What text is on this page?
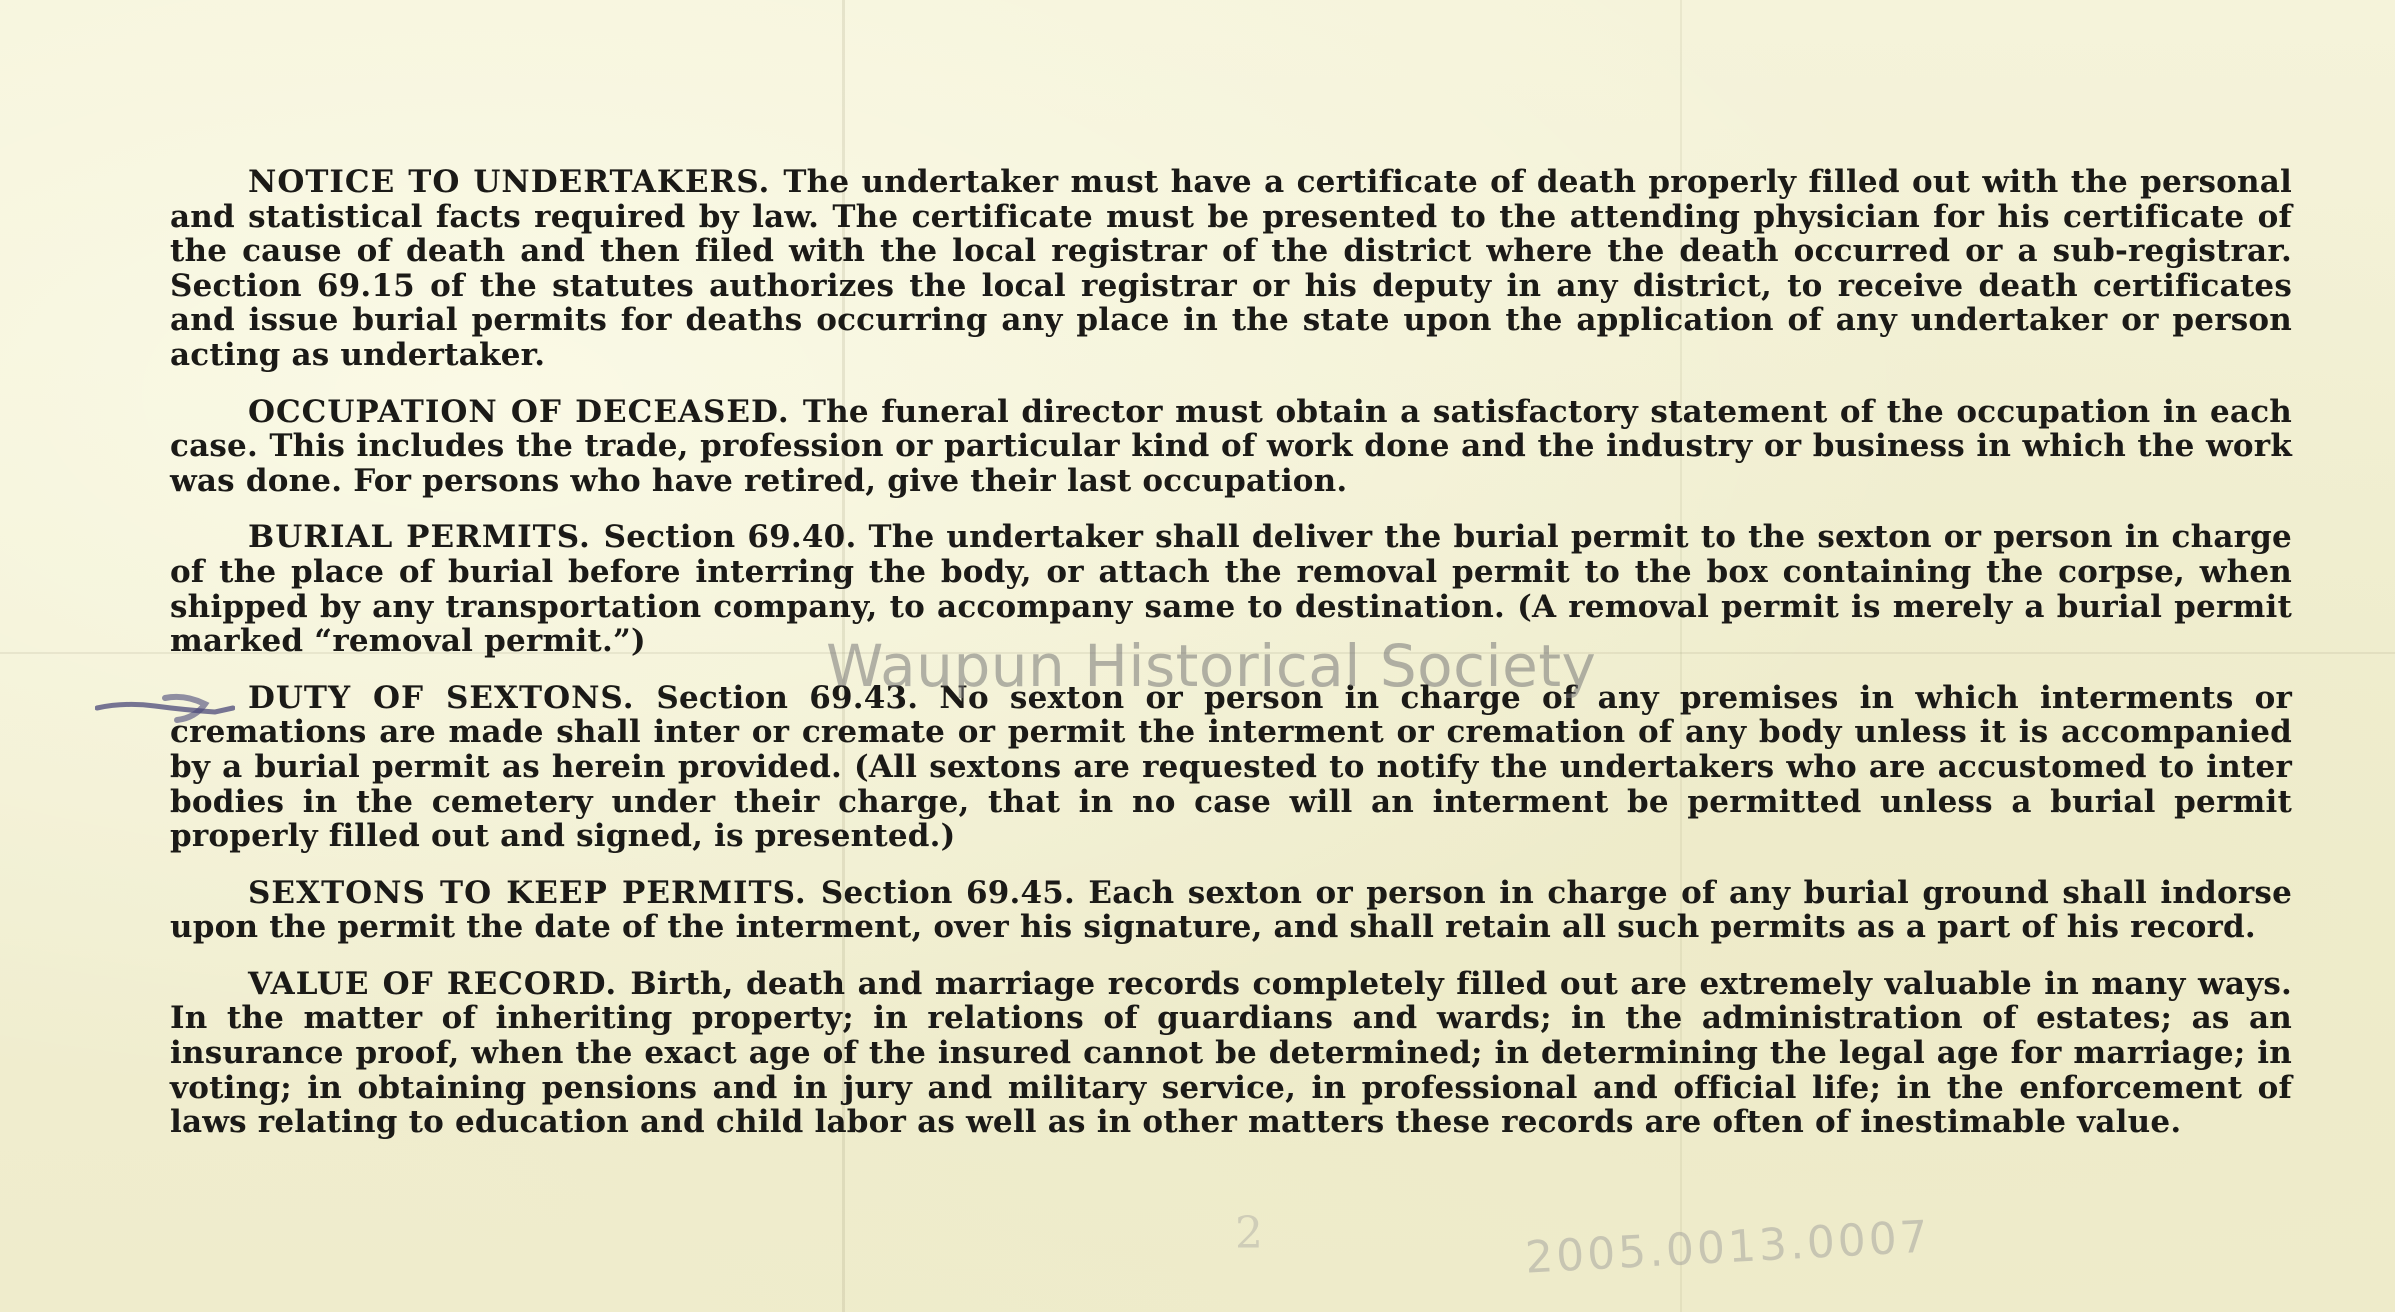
NOTICE TO UNDERTAKERS. The undertaker must have a certificate of death properly filled out with the personal and statistical facts required by law. The certificate must be presented to the attending physician for his certificate of the cause of death and then filed with the local registrar of the district where the death occurred or a sub-registrar. Section 69.15 of the statutes authorizes the local registrar or his deputy in any district, to receive death certificates and issue burial permits for deaths occurring any place in the state upon the application of any undertaker or person acting as undertaker.

OCCUPATION OF DECEASED. The funeral director must obtain a satisfactory statement of the occupation in each case. This includes the trade, profession or particular kind of work done and the industry or business in which the work was done. For persons who have retired, give their last occupation.

BURIAL PERMITS. Section 69.40. The undertaker shall deliver the burial permit to the sexton or person in charge of the place of burial before interring the body, or attach the removal permit to the box containing the corpse, when shipped by any transportation company, to accompany same to destination. (A removal permit is merely a burial permit marked “removal permit.”)

DUTY OF SEXTONS. Section 69.43. No sexton or person in charge of any premises in which interments or cremations are made shall inter or cremate or permit the interment or cremation of any body unless it is accompanied by a burial permit as herein provided. (All sextons are requested to notify the undertakers who are accustomed to inter bodies in the cemetery under their charge, that in no case will an interment be permitted unless a burial permit properly filled out and signed, is presented.)

SEXTONS TO KEEP PERMITS. Section 69.45. Each sexton or person in charge of any burial ground shall indorse upon the permit the date of the interment, over his signature, and shall retain all such permits as a part of his record.

VALUE OF RECORD. Birth, death and marriage records completely filled out are extremely valuable in many ways. In the matter of inheriting property; in relations of guardians and wards; in the administration of estates; as an insurance proof, when the exact age of the insured cannot be determined; in determining the legal age for marriage; in voting; in obtaining pensions and in jury and military service, in professional and official life; in the enforcement of laws relating to education and child labor as well as in other matters these records are often of inestimable value.

Waupun Historical Society
2	2005.0013.0007
